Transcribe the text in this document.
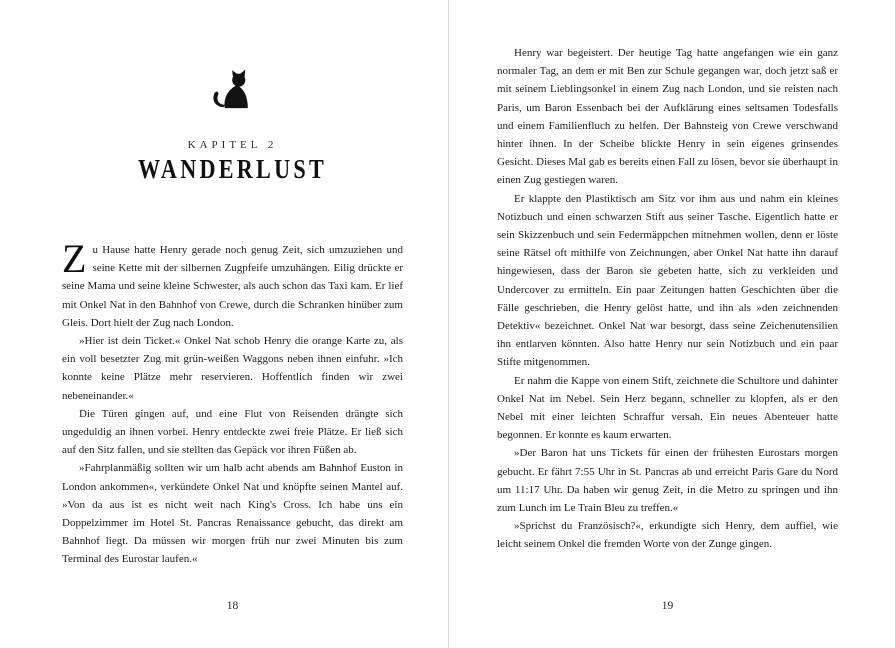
KAPITEL 2
WANDERLUST

Zu Hause hatte Henry gerade noch genug Zeit, sich umzuziehen und seine Kette mit der silbernen Zugpfeife umzuhängen. Eilig drückte er seine Mama und seine kleine Schwester, als auch schon das Taxi kam. Er lief mit Onkel Nat in den Bahnhof von Crewe, durch die Schranken hinüber zum Gleis. Dort hielt der Zug nach London.

»Hier ist dein Ticket.« Onkel Nat schob Henry die orange Karte zu, als ein voll besetzter Zug mit grün-weißen Waggons neben ihnen einfuhr. »Ich konnte keine Plätze mehr reservieren. Hoffentlich finden wir zwei nebeneinander.«

Die Türen gingen auf, und eine Flut von Reisenden drängte sich ungeduldig an ihnen vorbei. Henry entdeckte zwei freie Plätze. Er ließ sich auf den Sitz fallen, und sie stellten das Gepäck vor ihren Füßen ab.

»Fahrplanmäßig sollten wir um halb acht abends am Bahnhof Euston in London ankommen«, verkündete Onkel Nat und knöpfte seinen Mantel auf. »Von da aus ist es nicht weit nach King's Cross. Ich habe uns ein Doppelzimmer im Hotel St. Pancras Renaissance gebucht, das direkt am Bahnhof liegt. Da müssen wir morgen früh nur zwei Minuten bis zum Terminal des Eurostar laufen.«

18

Henry war begeistert. Der heutige Tag hatte angefangen wie ein ganz normaler Tag, an dem er mit Ben zur Schule gegangen war, doch jetzt saß er mit seinem Lieblingsonkel in einem Zug nach London, und sie reisten nach Paris, um Baron Essenbach bei der Aufklärung eines seltsamen Todesfalls und einem Familienfluch zu helfen. Der Bahnsteig von Crewe verschwand hinter ihnen. In der Scheibe blickte Henry in sein eigenes grinsendes Gesicht. Dieses Mal gab es bereits einen Fall zu lösen, bevor sie überhaupt in einen Zug gestiegen waren.

Er klappte den Plastiktisch am Sitz vor ihm aus und nahm ein kleines Notizbuch und einen schwarzen Stift aus seiner Tasche. Eigentlich hatte er sein Skizzenbuch und sein Federmäppchen mitnehmen wollen, denn er löste seine Rätsel oft mithilfe von Zeichnungen, aber Onkel Nat hatte ihn darauf hingewiesen, dass der Baron sie gebeten hatte, sich zu verkleiden und Undercover zu ermitteln. Ein paar Zeitungen hatten Geschichten über die Fälle geschrieben, die Henry gelöst hatte, und ihn als »den zeichnenden Detektiv« bezeichnet. Onkel Nat war besorgt, dass seine Zeichenutensilien ihn entlarven könnten. Also hatte Henry nur sein Notizbuch und ein paar Stifte mitgenommen.

Er nahm die Kappe von einem Stift, zeichnete die Schultore und dahinter Onkel Nat im Nebel. Sein Herz begann, schneller zu klopfen, als er den Nebel mit einer leichten Schraffur versah. Ein neues Abenteuer hatte begonnen. Er konnte es kaum erwarten.

»Der Baron hat uns Tickets für einen der frühesten Eurostars morgen gebucht. Er fährt 7:55 Uhr in St. Pancras ab und erreicht Paris Gare du Nord um 11:17 Uhr. Da haben wir genug Zeit, in die Metro zu springen und ihn zum Lunch im Le Train Bleu zu treffen.«

»Sprichst du Französisch?«, erkundigte sich Henry, dem auffiel, wie leicht seinem Onkel die fremden Worte von der Zunge gingen.

19
